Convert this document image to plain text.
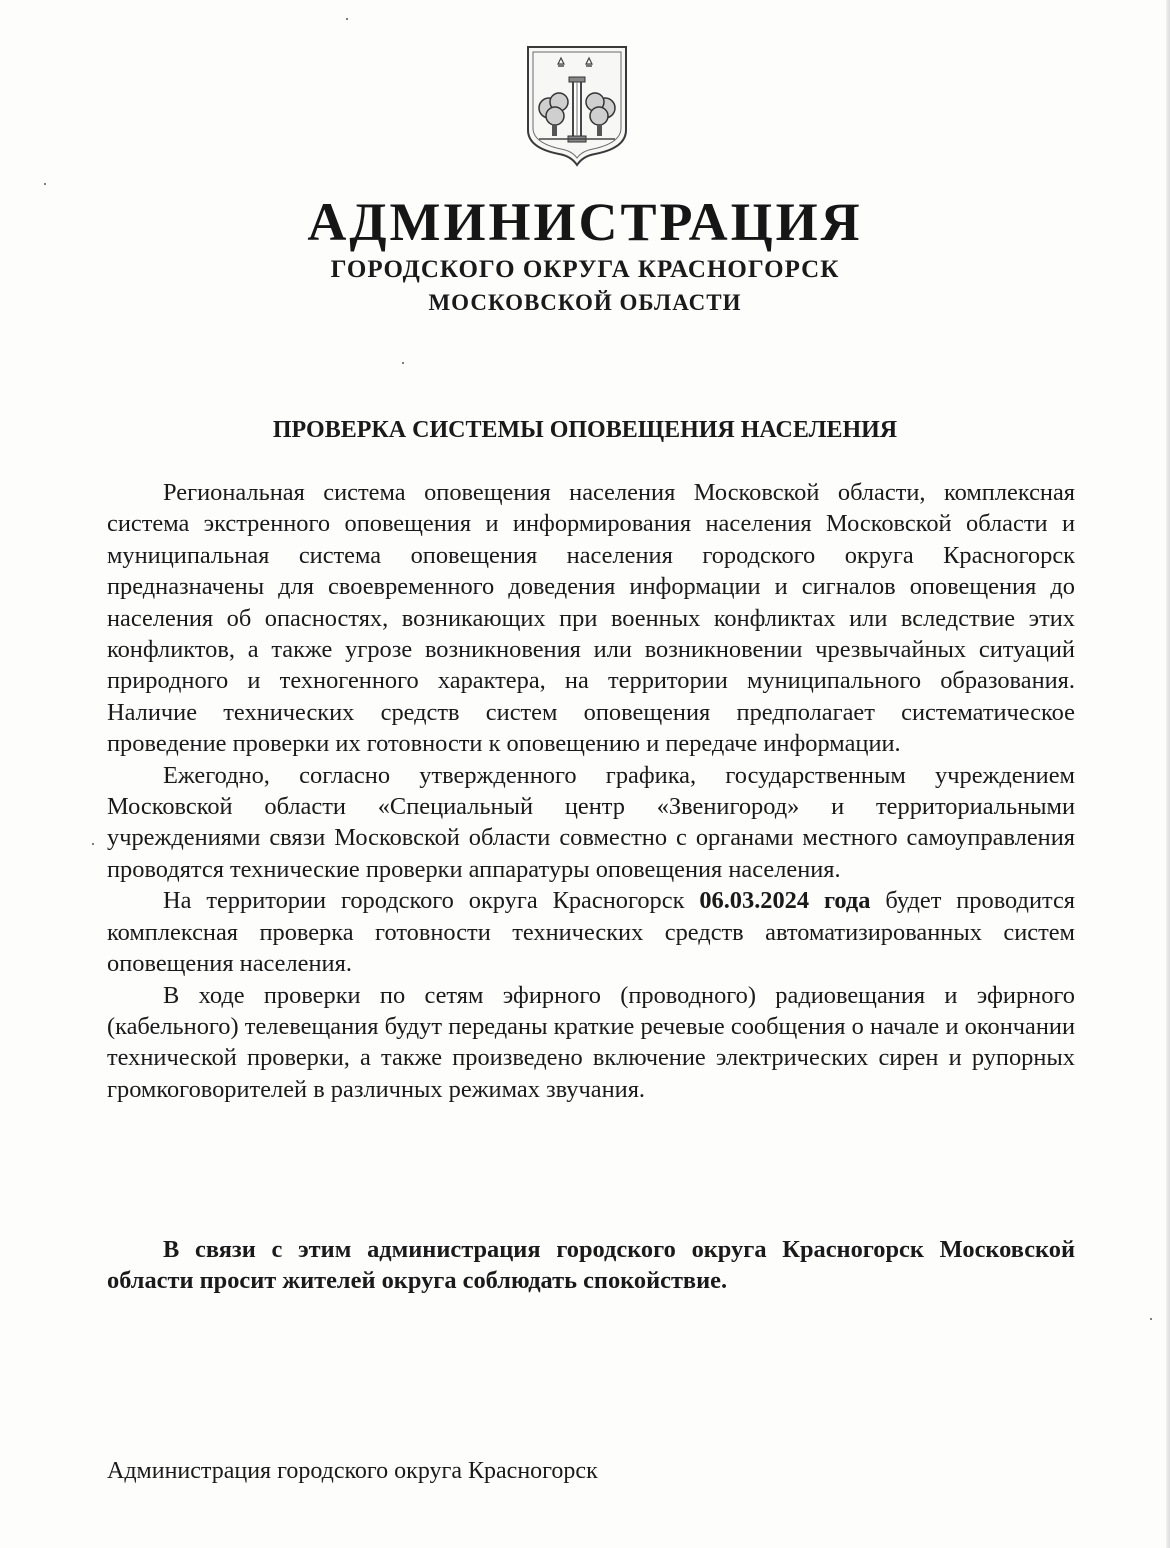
АДМИНИСТРАЦИЯ
ГОРОДСКОГО ОКРУГА КРАСНОГОРСК
МОСКОВСКОЙ ОБЛАСТИ
ПРОВЕРКА СИСТЕМЫ ОПОВЕЩЕНИЯ НАСЕЛЕНИЯ

Региональная система оповещения населения Московской области, комплексная система экстренного оповещения и информирования населения Московской области и муниципальная система оповещения населения городского округа Красногорск предназначены для своевременного доведения информации и сигналов оповещения до населения об опасностях, возникающих при военных конфликтах или вследствие этих конфликтов, а также угрозе возникновения или возникновении чрезвычайных ситуаций природного и техногенного характера, на территории муниципального образования. Наличие технических средств систем оповещения предполагает систематическое проведение проверки их готовности к оповещению и передаче информации.

Ежегодно, согласно утвержденного графика, государственным учреждением Московской области «Специальный центр «Звенигород» и территориальными учреждениями связи Московской области совместно с органами местного самоуправления проводятся технические проверки аппаратуры оповещения населения.

На территории городского округа Красногорск 06.03.2024 года будет проводится комплексная проверка готовности технических средств автоматизированных систем оповещения населения.

В ходе проверки по сетям эфирного (проводного) радиовещания и эфирного (кабельного) телевещания будут переданы краткие речевые сообщения о начале и окончании технической проверки, а также произведено включение электрических сирен и рупорных громкоговорителей в различных режимах звучания.

В связи с этим администрация городского округа Красногорск Московской области просит жителей округа соблюдать спокойствие.
Администрация городского округа Красногорск
